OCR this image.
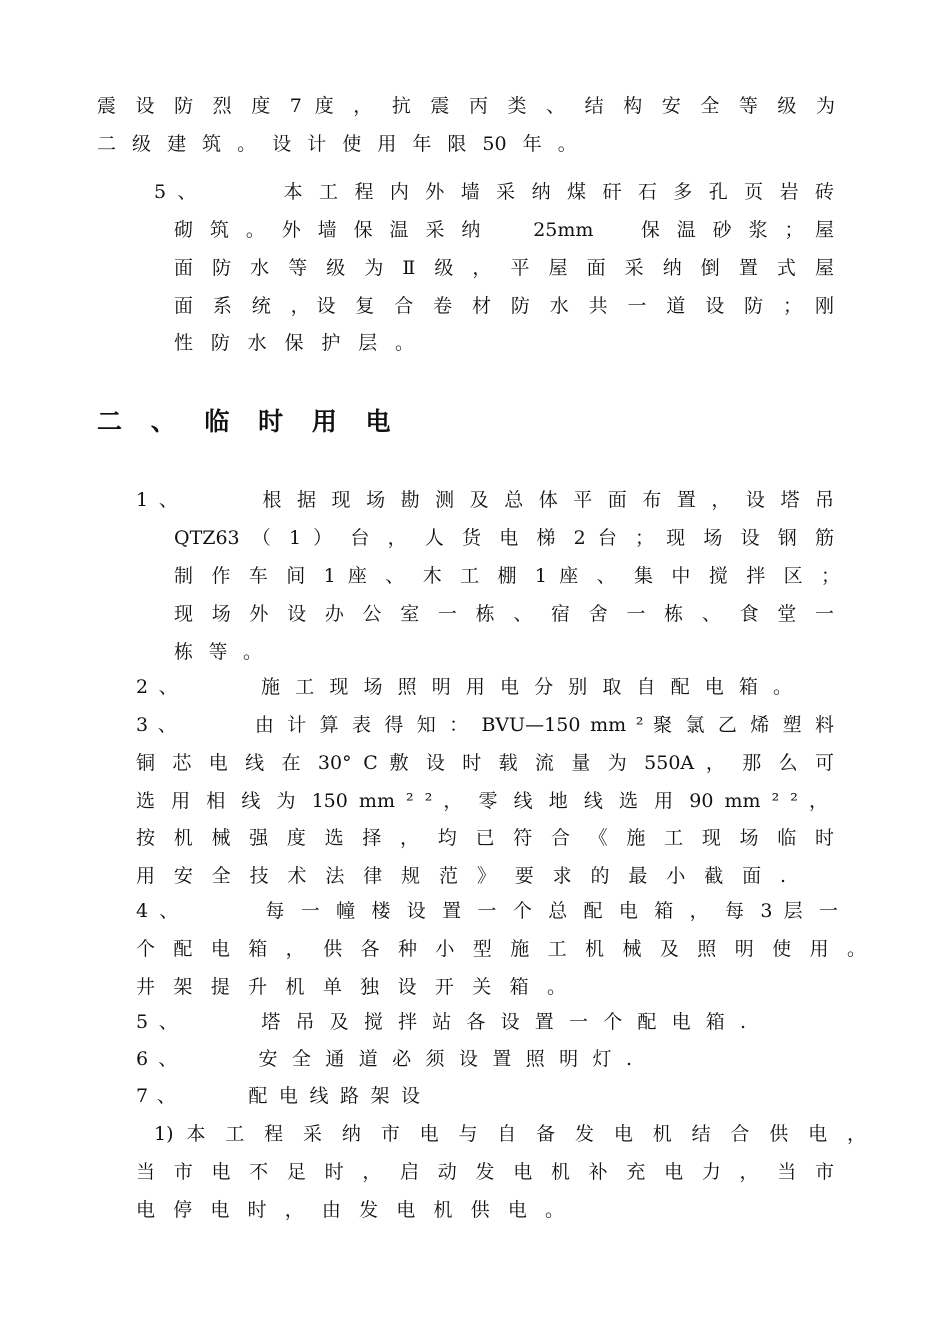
震 设 防 烈 度 7 度 ， 抗 震 丙 类 、 结 构 安 全 等 级 为

二 级 建 筑 。 设 计 使 用 年 限 50 年 。

5 、 　 　 本 工 程 内 外 墙 采 纳 煤 矸 石 多 孔 页 岩 砖

砌 筑 。 外 墙 保 温 采 纳 　 25mm 　 保 温 砂 浆 ； 屋

面 防 水 等 级 为 Ⅱ 级 ， 平 屋 面 采 纳 倒 置 式 屋

面 系 统 ，设 复 合 卷 材 防 水 共 一 道 设 防 ； 刚

性 防 水 保 护 层 。

二 、 临 时 用 电

1 、 　 　 根 据 现 场 勘 测 及 总 体 平 面 布 置 ， 设 塔 吊

QTZ63 （ 1 ） 台 ， 人 货 电 梯 2 台 ； 现 场 设 钢 筋

制 作 车 间 1 座 、 木 工 棚 1 座 、 集 中 搅 拌 区 ；

现 场 外 设 办 公 室 一 栋 、 宿 舍 一 栋 、 食 堂 一

栋 等 。

2 、 　 　 施 工 现 场 照 明 用 电 分 别 取 自 配 电 箱 。

3 、 　 　 由 计 算 表 得 知 ： BVU—150 mm ² 聚 氯 乙 烯 塑 料

铜 芯 电 线 在 30° C 敷 设 时 载 流 量 为 550A ， 那 么 可

选 用 相 线 为 150 mm ² ² ， 零 线 地 线 选 用 90 mm ² ² ，

按 机 械 强 度 选 择 ， 均 已 符 合 《 施 工 现 场 临 时

用 安 全 技 术 法 律 规 范 》 要 求 的 最 小 截 面 .

4 、 　 　 每 一 幢 楼 设 置 一 个 总 配 电 箱 ， 每 3 层 一

个 配 电 箱 ， 供 各 种 小 型 施 工 机 械 及 照 明 使 用 。

井 架 提 升 机 单 独 设 开 关 箱 。

5 、 　 　 塔 吊 及 搅 拌 站 各 设 置 一 个 配 电 箱 .

6 、 　 　 安 全 通 道 必 须 设 置 照 明 灯 .

7 、 　 　 配 电 线 路 架 设

1) 本 工 程 采 纳 市 电 与 自 备 发 电 机 结 合 供 电 ，

当 市 电 不 足 时 ， 启 动 发 电 机 补 充 电 力 ， 当 市

电 停 电 时 ， 由 发 电 机 供 电 。
